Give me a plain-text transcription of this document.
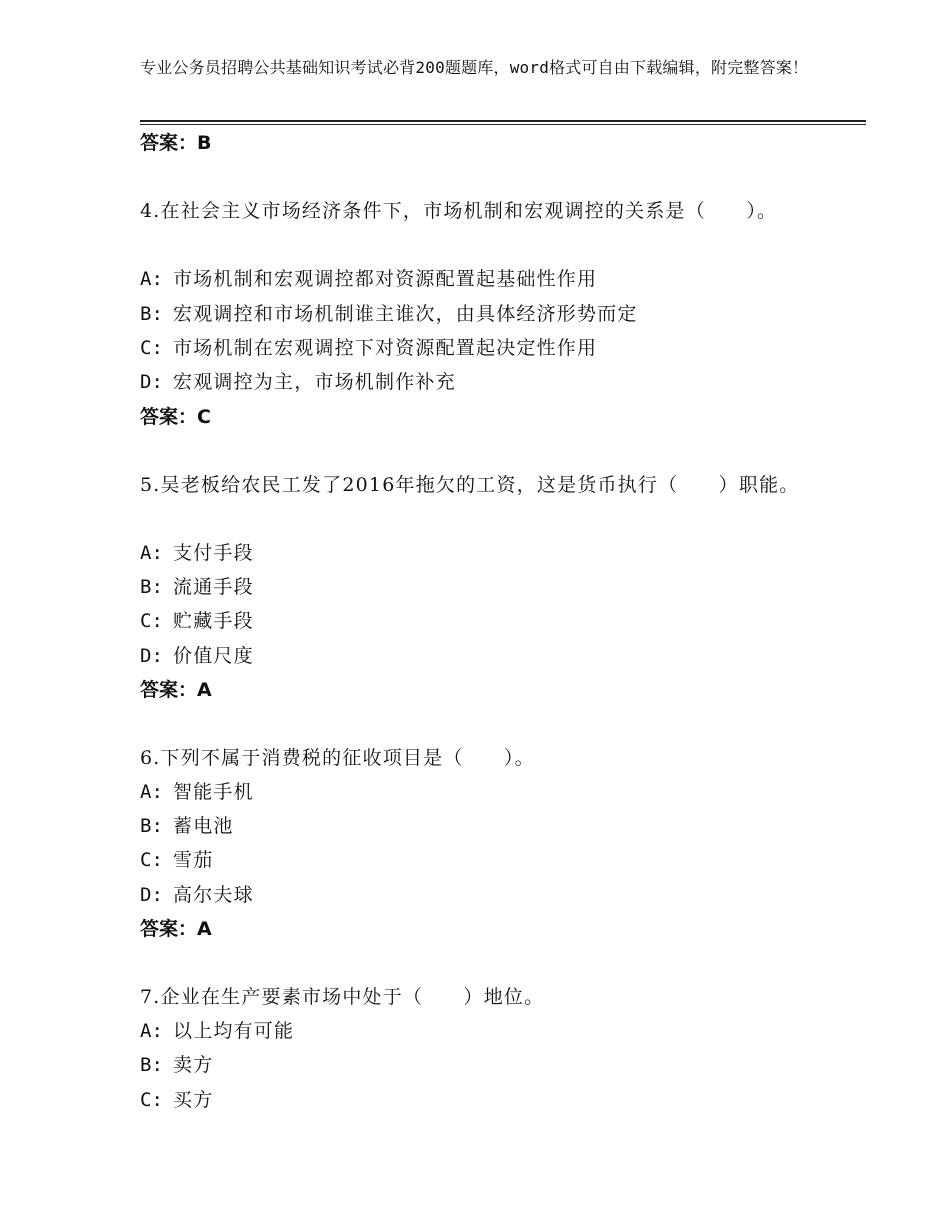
专业公务员招聘公共基础知识考试必背200题题库，word格式可自由下载编辑，附完整答案！
答案：B
4.在社会主义市场经济条件下，市场机制和宏观调控的关系是（　　）。
A: 市场机制和宏观调控都对资源配置起基础性作用
B: 宏观调控和市场机制谁主谁次，由具体经济形势而定
C: 市场机制在宏观调控下对资源配置起决定性作用
D: 宏观调控为主，市场机制作补充
答案：C
5.吴老板给农民工发了2016年拖欠的工资，这是货币执行（　　）职能。
A: 支付手段
B: 流通手段
C: 贮藏手段
D: 价值尺度
答案：A
6.下列不属于消费税的征收项目是（　　）。
A: 智能手机
B: 蓄电池
C: 雪茄
D: 高尔夫球
答案：A
7.企业在生产要素市场中处于（　　）地位。
A: 以上均有可能
B: 卖方
C: 买方
